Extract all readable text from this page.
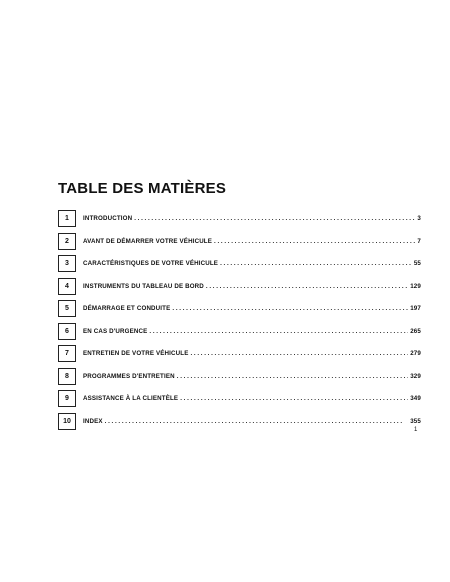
TABLE DES MATIÈRES
1	INTRODUCTION . . .	3
2	AVANT DE DÉMARRER VOTRE VÉHICULE . . .	7
3	CARACTÉRISTIQUES DE VOTRE VÉHICULE . . .	55
4	INSTRUMENTS DU TABLEAU DE BORD . . .	129
5	DÉMARRAGE ET CONDUITE . . .	197
6	EN CAS D'URGENCE . . .	265
7	ENTRETIEN DE VOTRE VÉHICULE . . .	279
8	PROGRAMMES D'ENTRETIEN . . .	329
9	ASSISTANCE À LA CLIENTÈLE . . .	349
10	INDEX . . .	355
1
